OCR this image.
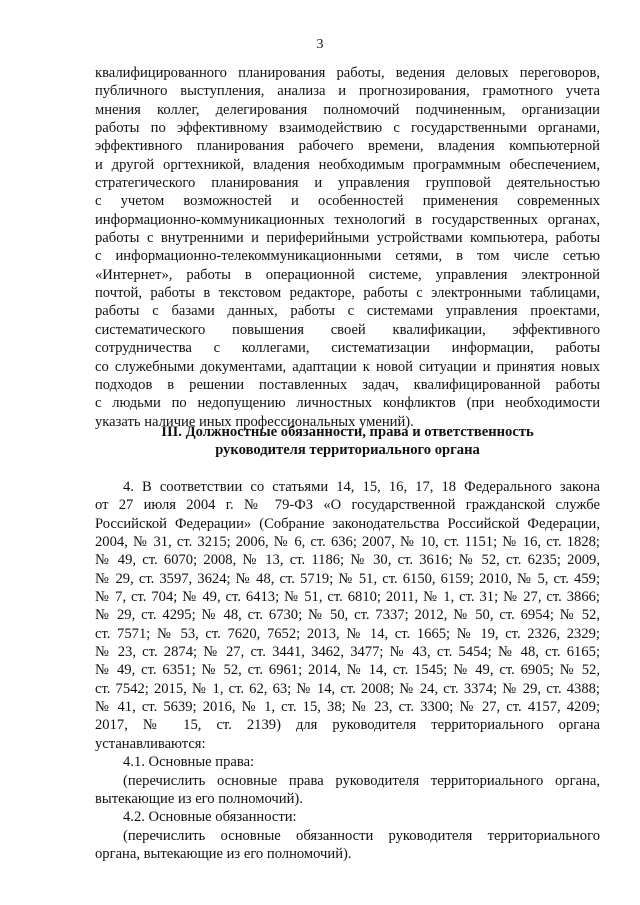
3

квалифицированного планирования работы, ведения деловых переговоров,

публичного выступления, анализа и прогнозирования, грамотного учета

мнения коллег, делегирования полномочий подчиненным, организации

работы по эффективному взаимодействию с государственными органами,

эффективного планирования рабочего времени, владения компьютерной

и другой оргтехникой, владения необходимым программным обеспечением,

стратегического планирования и управления групповой деятельностью

с учетом возможностей и особенностей применения современных

информационно-коммуникационных технологий в государственных органах,

работы с внутренними и периферийными устройствами компьютера, работы

с информационно-телекоммуникационными сетями, в том числе сетью

«Интернет», работы в операционной системе, управления электронной

почтой, работы в текстовом редакторе, работы с электронными таблицами,

работы с базами данных, работы с системами управления проектами,

систематического повышения своей квалификации, эффективного

сотрудничества с коллегами, систематизации информации, работы

со служебными документами, адаптации к новой ситуации и принятия новых

подходов в решении поставленных задач, квалифицированной работы

с людьми по недопущению личностных конфликтов (при необходимости

указать наличие иных профессиональных умений).

III. Должностные обязанности, права и ответственность
руководителя территориального органа

4. В соответствии со статьями 14, 15, 16, 17, 18 Федерального закона

от 27 июля 2004 г. № 79-ФЗ «О государственной гражданской службе

Российской Федерации» (Собрание законодательства Российской Федерации,

2004, № 31, ст. 3215; 2006, № 6, ст. 636; 2007, № 10, ст. 1151; № 16, ст. 1828;

№ 49, ст. 6070; 2008, № 13, ст. 1186; № 30, ст. 3616; № 52, ст. 6235; 2009,

№ 29, ст. 3597, 3624; № 48, ст. 5719; № 51, ст. 6150, 6159; 2010, № 5, ст. 459;

№ 7, ст. 704; № 49, ст. 6413; № 51, ст. 6810; 2011, № 1, ст. 31; № 27, ст. 3866;

№ 29, ст. 4295; № 48, ст. 6730; № 50, ст. 7337; 2012, № 50, ст. 6954; № 52,

ст. 7571; № 53, ст. 7620, 7652; 2013, № 14, ст. 1665; № 19, ст. 2326, 2329;

№ 23, ст. 2874; № 27, ст. 3441, 3462, 3477; № 43, ст. 5454; № 48, ст. 6165;

№ 49, ст. 6351; № 52, ст. 6961; 2014, № 14, ст. 1545; № 49, ст. 6905; № 52,

ст. 7542; 2015, № 1, ст. 62, 63; № 14, ст. 2008; № 24, ст. 3374; № 29, ст. 4388;

№ 41, ст. 5639; 2016, № 1, ст. 15, 38; № 23, ст. 3300; № 27, ст. 4157, 4209;

2017, № 15, ст. 2139) для руководителя территориального органа

устанавливаются:

4.1. Основные права:

(перечислить основные права руководителя территориального органа,

вытекающие из его полномочий).

4.2. Основные обязанности:

(перечислить основные обязанности руководителя территориального

органа, вытекающие из его полномочий).
